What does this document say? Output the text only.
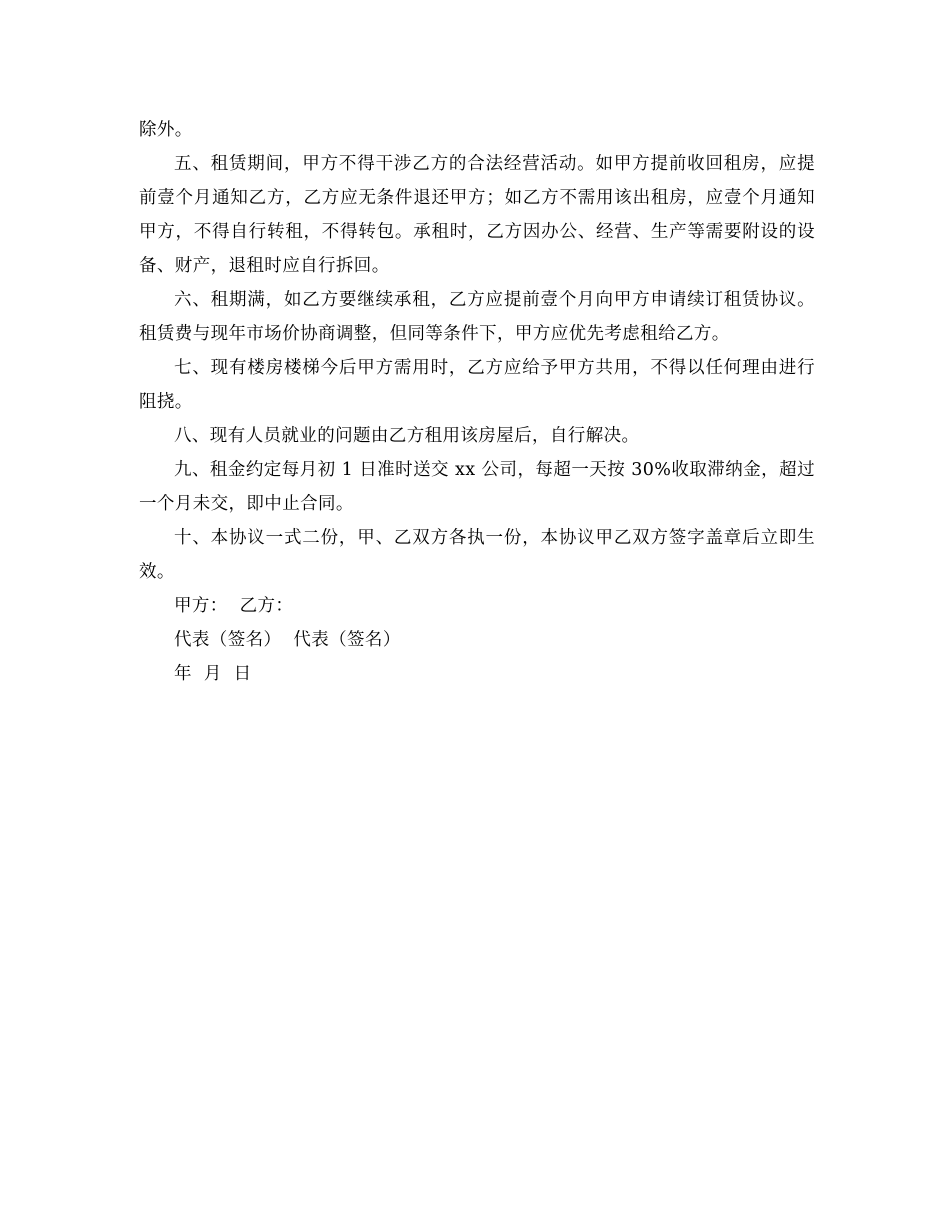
除外。

五、租赁期间，甲方不得干涉乙方的合法经营活动。如甲方提前收回租房，应提前壹个月通知乙方，乙方应无条件退还甲方；如乙方不需用该出租房，应壹个月通知甲方，不得自行转租，不得转包。承租时，乙方因办公、经营、生产等需要附设的设备、财产，退租时应自行拆回。

六、租期满，如乙方要继续承租，乙方应提前壹个月向甲方申请续订租赁协议。租赁费与现年市场价协商调整，但同等条件下，甲方应优先考虑租给乙方。

七、现有楼房楼梯今后甲方需用时，乙方应给予甲方共用，不得以任何理由进行阻挠。

八、现有人员就业的问题由乙方租用该房屋后，自行解决。

九、租金约定每月初 1 日准时送交 xx 公司，每超一天按 30%收取滞纳金，超过一个月未交，即中止合同。

十、本协议一式二份，甲、乙双方各执一份，本协议甲乙双方签字盖章后立即生效。

甲方：  乙方：

代表（签名）  代表（签名）

年  月  日
